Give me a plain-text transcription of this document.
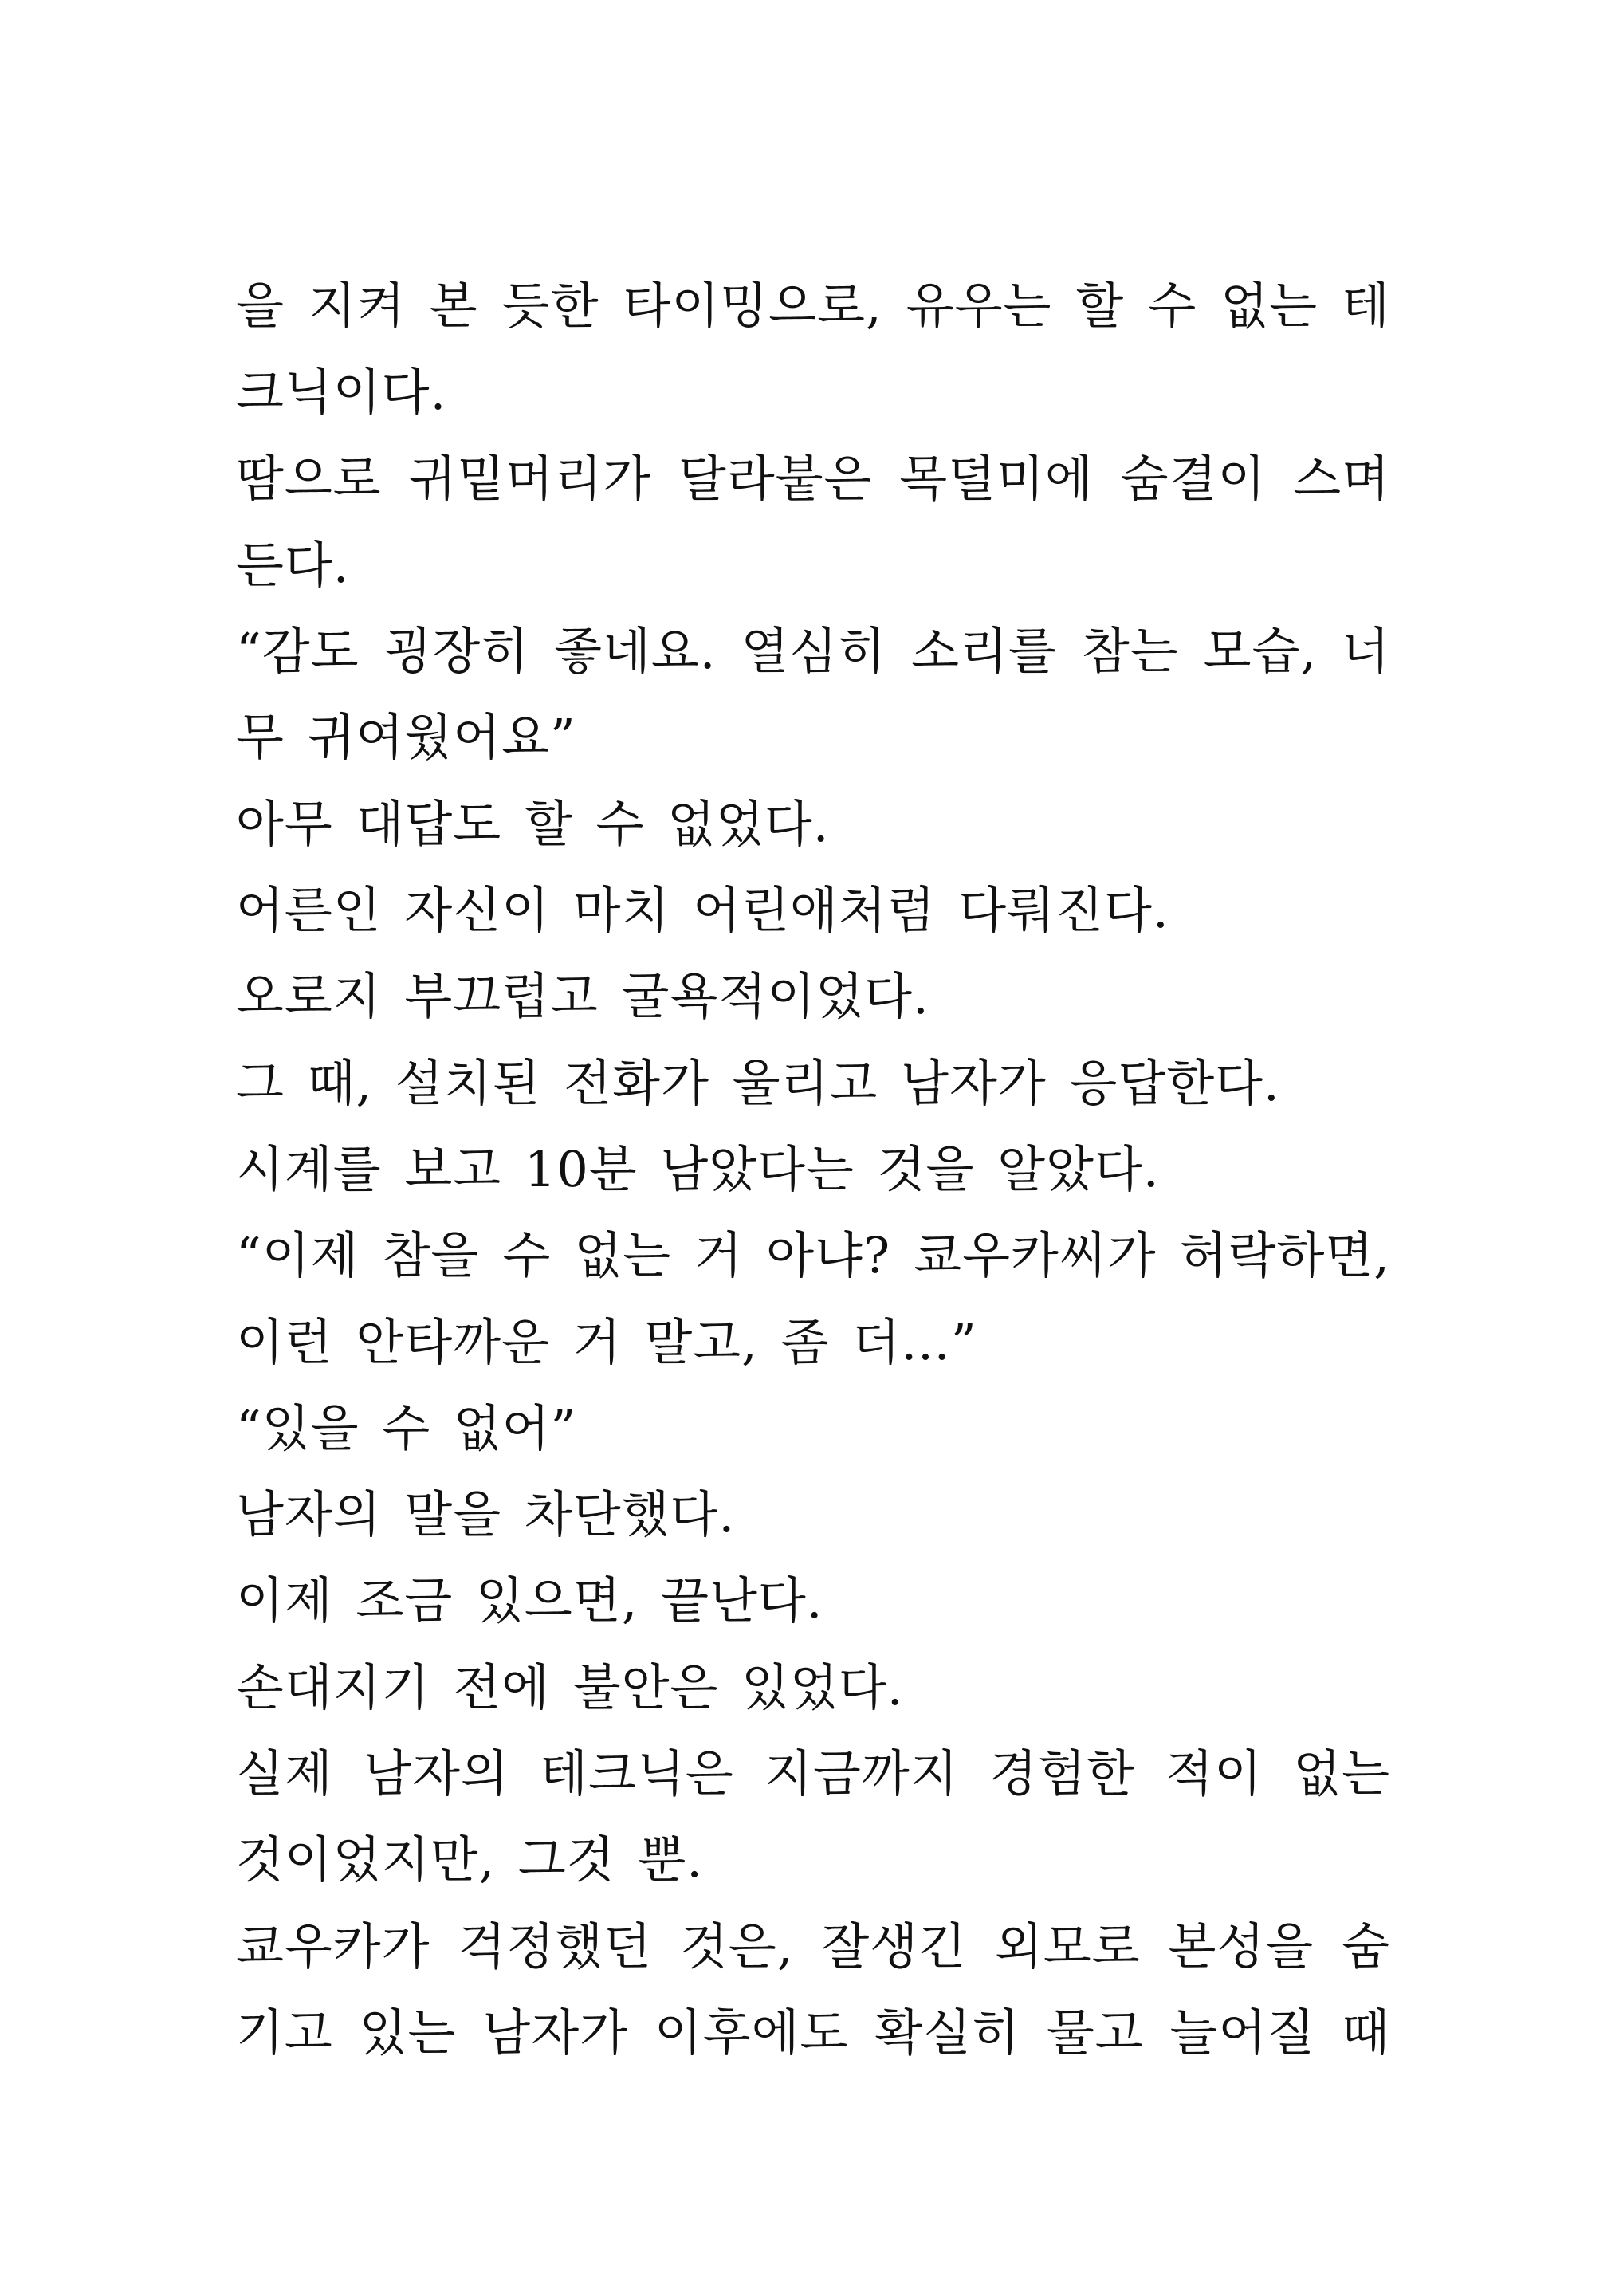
을 지켜 본 듯한 타이밍으로, 유우는 할 수 없는 테
크닉이다.
땀으로 귀밑머리가 달라붙은 목덜미에 숨결이 스며
든다.
“감도 굉장히 좋네요. 열심히 소리를 참는 모습, 너
무 귀여웠어요”
아무 대답도 할 수 없었다.
어른인 자신이 마치 어린애처럼 다뤄진다.
오로지 부끄럽고 굴욕적이었다.
그 때, 설치된 전화가 울리고 남자가 응답한다.
시계를 보고 10분 남았다는 것을 알았다.
“이제 참을 수 없는 거 아냐? 쿄우카씨가 허락하면,
이런 안타까운 거 말고, 좀 더…”
“있을 수 없어”
남자의 말을 차단했다.
이제 조금 있으면, 끝난다.
손대지기 전에 불안은 있었다.
실제 남자의 테크닉은 지금까지 경험한 적이 없는
것이었지만, 그것 뿐.
쿄우카가 걱정했던 것은, 잘생긴 외모로 본성을 숨
기고 있는 남자가 이후에도 확실히 물고 늘어질 때
